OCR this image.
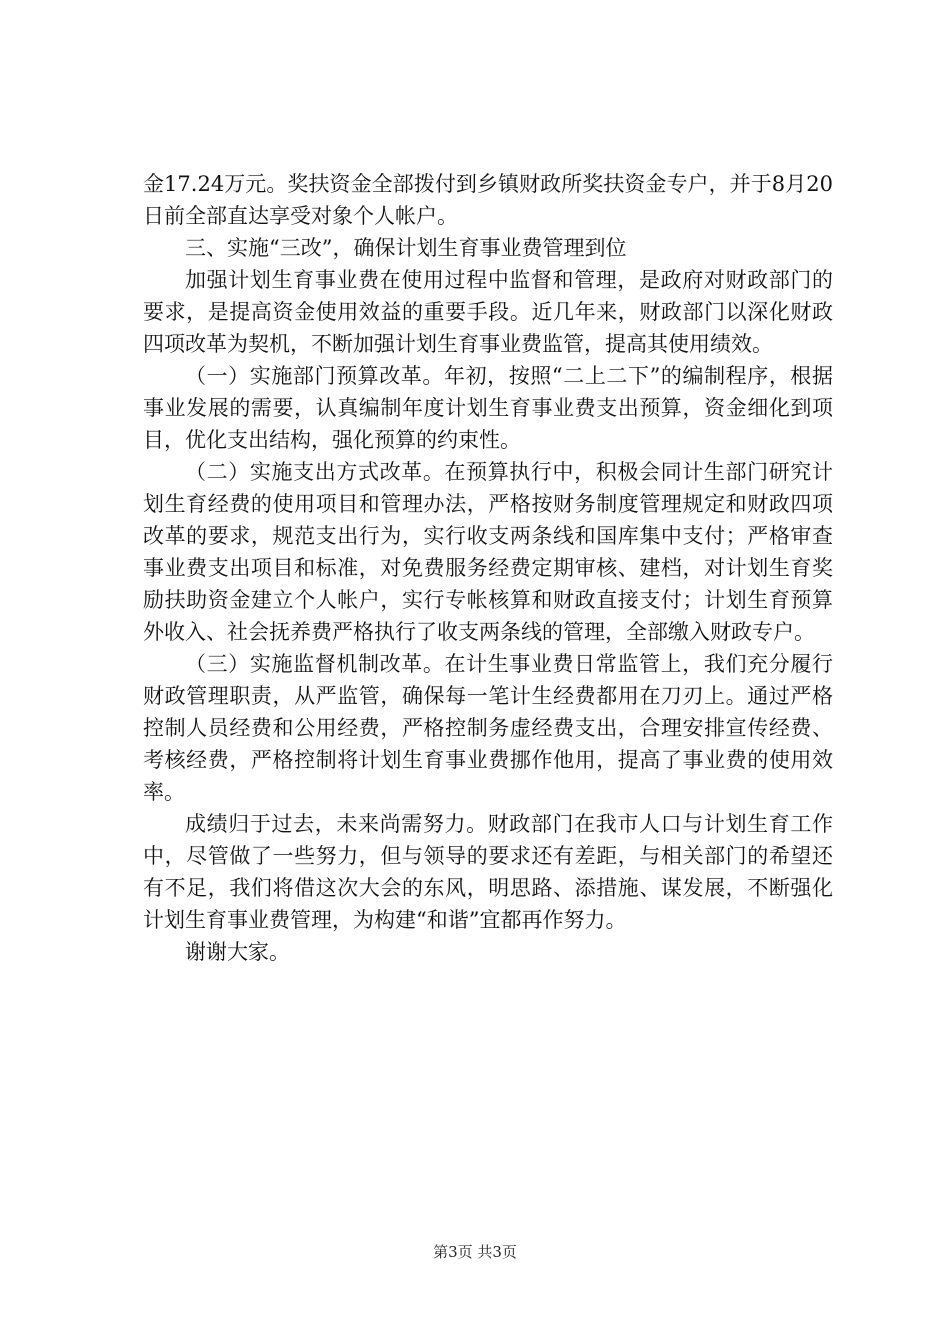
金17.24万元。奖扶资金全部拨付到乡镇财政所奖扶资金专户，并于8月20日前全部直达享受对象个人帐户。

三、实施“三改”，确保计划生育事业费管理到位

加强计划生育事业费在使用过程中监督和管理，是政府对财政部门的要求，是提高资金使用效益的重要手段。近几年来，财政部门以深化财政四项改革为契机，不断加强计划生育事业费监管，提高其使用绩效。

（一）实施部门预算改革。年初，按照“二上二下”的编制程序，根据事业发展的需要，认真编制年度计划生育事业费支出预算，资金细化到项目，优化支出结构，强化预算的约束性。

（二）实施支出方式改革。在预算执行中，积极会同计生部门研究计划生育经费的使用项目和管理办法，严格按财务制度管理规定和财政四项改革的要求，规范支出行为，实行收支两条线和国库集中支付；严格审查事业费支出项目和标准，对免费服务经费定期审核、建档，对计划生育奖励扶助资金建立个人帐户，实行专帐核算和财政直接支付；计划生育预算外收入、社会抚养费严格执行了收支两条线的管理，全部缴入财政专户。

（三）实施监督机制改革。在计生事业费日常监管上，我们充分履行财政管理职责，从严监管，确保每一笔计生经费都用在刀刃上。通过严格控制人员经费和公用经费，严格控制务虚经费支出，合理安排宣传经费、考核经费，严格控制将计划生育事业费挪作他用，提高了事业费的使用效率。

成绩归于过去，未来尚需努力。财政部门在我市人口与计划生育工作中，尽管做了一些努力，但与领导的要求还有差距，与相关部门的希望还有不足，我们将借这次大会的东风，明思路、添措施、谋发展，不断强化计划生育事业费管理，为构建“和谐”宜都再作努力。

谢谢大家。

第3页 共3页
